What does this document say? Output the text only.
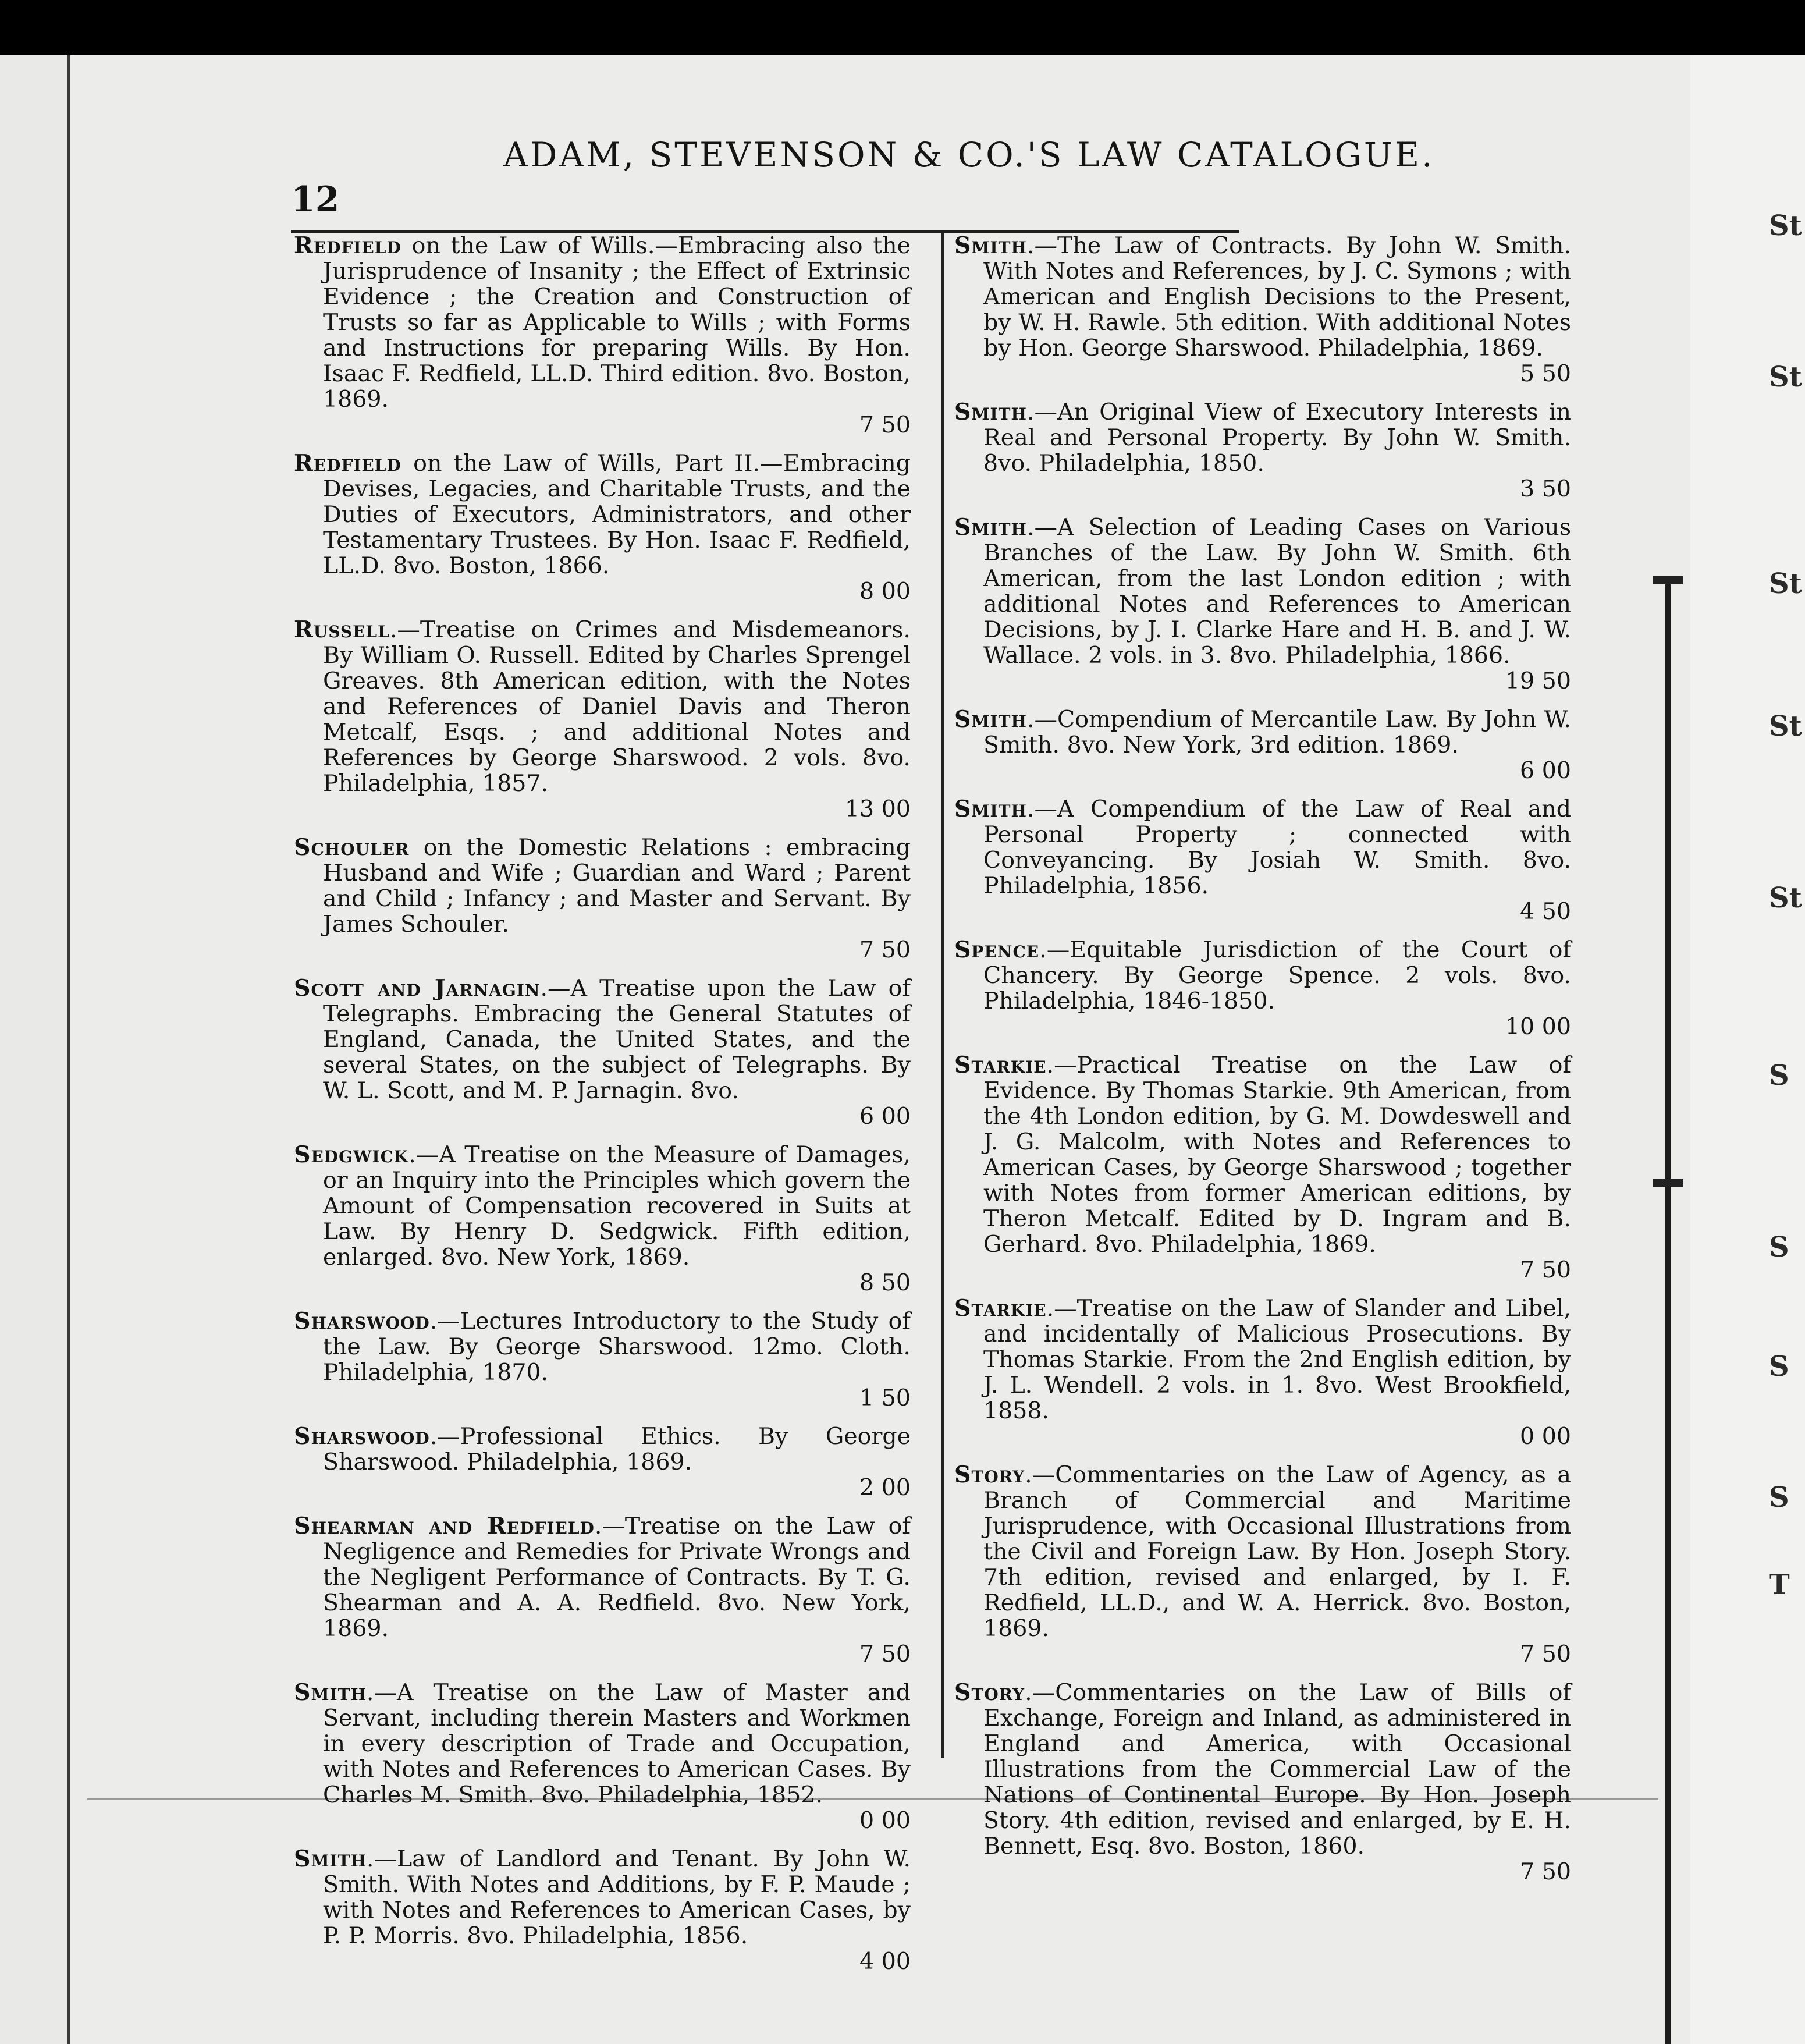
12
ADAM, STEVENSON & CO.'S LAW CATALOGUE.
St
St
St
St
St
S
S
S
S
T

Redfield on the Law of Wills.—Embracing also the Jurisprudence of Insanity ; the Effect of Extrinsic Evidence ; the Creation and Construction of Trusts so far as Applicable to Wills ; with Forms and Instructions for preparing Wills. By Hon. Isaac F. Redfield, LL.D. Third edition. 8vo. Boston, 1869.
7 50

Redfield on the Law of Wills, Part II.—Embracing Devises, Legacies, and Charitable Trusts, and the Duties of Executors, Administrators, and other Testamentary Trustees. By Hon. Isaac F. Redfield, LL.D. 8vo. Boston, 1866.
8 00

Russell.—Treatise on Crimes and Misdemeanors. By William O. Russell. Edited by Charles Sprengel Greaves. 8th American edition, with the Notes and References of Daniel Davis and Theron Metcalf, Esqs. ; and additional Notes and References by George Sharswood. 2 vols. 8vo. Philadelphia, 1857.
13 00

Schouler on the Domestic Relations : embracing Husband and Wife ; Guardian and Ward ; Parent and Child ; Infancy ; and Master and Servant. By James Schouler.
7 50

Scott and Jarnagin.—A Treatise upon the Law of Telegraphs. Embracing the General Statutes of England, Canada, the United States, and the several States, on the subject of Telegraphs. By W. L. Scott, and M. P. Jarnagin. 8vo.
6 00

Sedgwick.—A Treatise on the Measure of Damages, or an Inquiry into the Principles which govern the Amount of Compensation recovered in Suits at Law. By Henry D. Sedgwick. Fifth edition, enlarged. 8vo. New York, 1869.
8 50

Sharswood.—Lectures Introductory to the Study of the Law. By George Sharswood. 12mo. Cloth. Philadelphia, 1870.
1 50

Sharswood.—Professional Ethics. By George Sharswood. Philadelphia, 1869.
2 00

Shearman and Redfield.—Treatise on the Law of Negligence and Remedies for Private Wrongs and the Negligent Performance of Contracts. By T. G. Shearman and A. A. Redfield. 8vo. New York, 1869.
7 50

Smith.—A Treatise on the Law of Master and Servant, including therein Masters and Workmen in every description of Trade and Occupation, with Notes and References to American Cases. By Charles M. Smith. 8vo. Philadelphia, 1852.
0 00

Smith.—Law of Landlord and Tenant. By John W. Smith. With Notes and Additions, by F. P. Maude ; with Notes and References to American Cases, by P. P. Morris. 8vo. Philadelphia, 1856.
4 00

Smith.—The Law of Contracts. By John W. Smith. With Notes and References, by J. C. Symons ; with American and English Decisions to the Present, by W. H. Rawle. 5th edition. With additional Notes by Hon. George Sharswood. Philadelphia, 1869.
5 50

Smith.—An Original View of Executory Interests in Real and Personal Property. By John W. Smith. 8vo. Philadelphia, 1850.
3 50

Smith.—A Selection of Leading Cases on Various Branches of the Law. By John W. Smith. 6th American, from the last London edition ; with additional Notes and References to American Decisions, by J. I. Clarke Hare and H. B. and J. W. Wallace. 2 vols. in 3. 8vo. Philadelphia, 1866.
19 50

Smith.—Compendium of Mercantile Law. By John W. Smith. 8vo. New York, 3rd edition. 1869.
6 00

Smith.—A Compendium of the Law of Real and Personal Property ; connected with Conveyancing. By Josiah W. Smith. 8vo. Philadelphia, 1856.
4 50

Spence.—Equitable Jurisdiction of the Court of Chancery. By George Spence. 2 vols. 8vo. Philadelphia, 1846-1850.
10 00

Starkie.—Practical Treatise on the Law of Evidence. By Thomas Starkie. 9th American, from the 4th London edition, by G. M. Dowdeswell and J. G. Malcolm, with Notes and References to American Cases, by George Sharswood ; together with Notes from former American editions, by Theron Metcalf. Edited by D. Ingram and B. Gerhard. 8vo. Philadelphia, 1869.
7 50

Starkie.—Treatise on the Law of Slander and Libel, and incidentally of Malicious Prosecutions. By Thomas Starkie. From the 2nd English edition, by J. L. Wendell. 2 vols. in 1. 8vo. West Brookfield, 1858.
0 00

Story.—Commentaries on the Law of Agency, as a Branch of Commercial and Maritime Jurisprudence, with Occasional Illustrations from the Civil and Foreign Law. By Hon. Joseph Story. 7th edition, revised and enlarged, by I. F. Redfield, LL.D., and W. A. Herrick. 8vo. Boston, 1869.
7 50

Story.—Commentaries on the Law of Bills of Exchange, Foreign and Inland, as administered in England and America, with Occasional Illustrations from the Commercial Law of the Nations of Continental Europe. By Hon. Joseph Story. 4th edition, revised and enlarged, by E. H. Bennett, Esq. 8vo. Boston, 1860.
7 50
